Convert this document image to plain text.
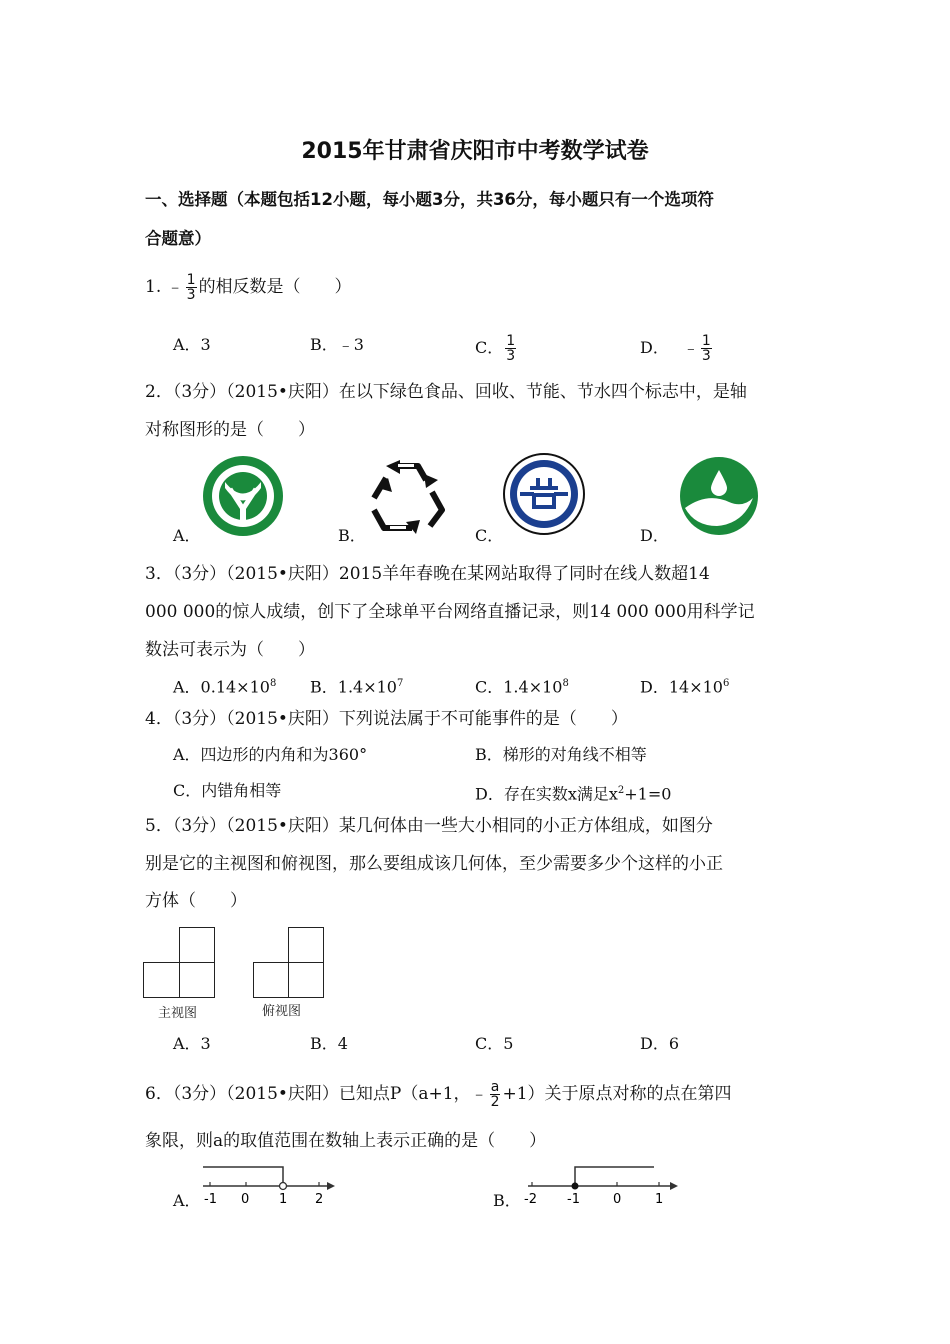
2015年甘肃省庆阳市中考数学试卷
一、选择题（本题包括12小题，每小题3分，共36分，每小题只有一个选项符
合题意）
1. ﹣ $\frac{1}{3}$ 的相反数是（　　）
A．3	B．﹣3	C． $\frac{1}{3}$	D． ﹣ $\frac{1}{3}$
2．（3分）（2015•庆阳）在以下绿色食品、回收、节能、节水四个标志中，是轴
对称图形的是（　　）
A．	B．	C．	D．
3．（3分）（2015•庆阳）2015羊年春晚在某网站取得了同时在线人数超14
000 000的惊人成绩，创下了全球单平台网络直播记录，则14 000 000用科学记
数法可表示为（　　）
A．$0.14\times 10^8$ B．$1.4\times 10^7$	C．$1.4\times 10^8$	D．$14\times 10^6$
4．（3分）（2015•庆阳）下列说法属于不可能事件的是（　　）
A．四边形的内角和为360°	B．梯形的对角线不相等
C．内错角相等	D．存在实数x满足$x^2+1=0$
5．（3分）（2015•庆阳）某几何体由一些大小相同的小正方体组成，如图分
别是它的主视图和俯视图，那么要组成该几何体，至少需要多少个这样的小正
方体（　　）
主视图	俯视图
A．3	B．4	C．5	D．6
6．（3分）（2015•庆阳）已知点P（a+1，﹣ $\frac{a}{2} +1$）关于原点对称的点在第四
象限，则a的取值范围在数轴上表示正确的是（　　）
A． -1 0 1 2	B． -2 -1	0	1
